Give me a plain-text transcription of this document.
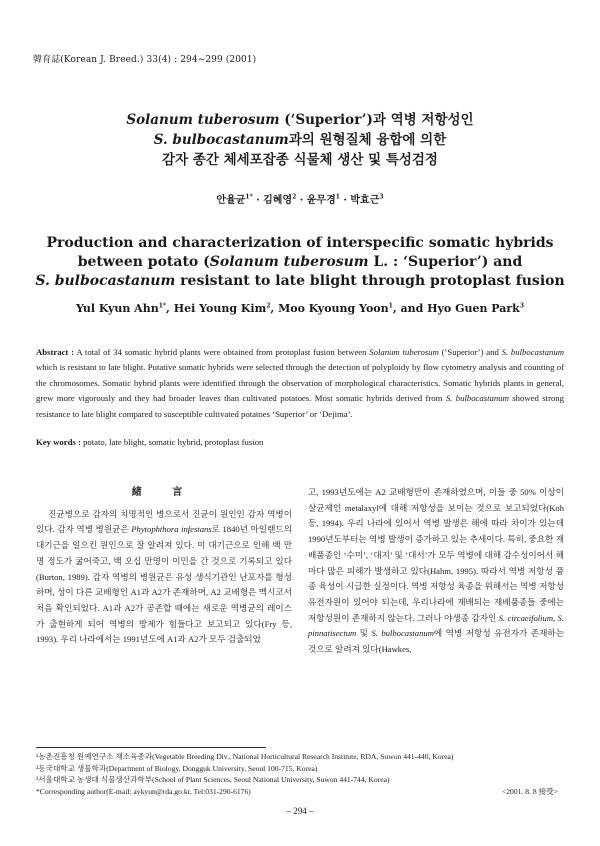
韓育誌(Korean J. Breed.) 33(4) : 294~299 (2001)
Solanum tuberosum (‘Superior’)과 역병 저항성인
S. bulbocastanum과의 원형질체 융합에 의한
감자 종간 체세포잡종 식물체 생산 및 특성검정
안율균$^{1*}$ · 김혜영$^2$ · 윤무경$^1$ · 박효근$^3$
Production and characterization of interspecific somatic hybrids
between potato (Solanum tuberosum L. : ‘Superior’) and
S. bulbocastanum resistant to late blight through protoplast fusion
Yul Kyun Ahn$^{1*}$, Hei Young Kim$^2$, Moo Kyoung Yoon$^1$, and Hyo Guen Park$^3$
Abstract : A total of 34 somatic hybrid plants were obtained from protoplast fusion between Solanum tuberosum (‘Superior’) and S. bulbocastanum which is resistant to late blight. Putative somatic hybrids were selected through the detection of polyploidy by flow cytometry analysis and counting of the chromosomes. Somatic hybrid plants were identified through the observation of morphological characteristics. Somatic hybrids plants in general, grew more vigorously and they had broader leaves than cultivated potatoes. Most somatic hybrids derived from S. bulbocastanum showed strong resistance to late blight compared to susceptible cultivated potatoes ‘Superior’ or ‘Dejima’.
Key words : potato, late blight, somatic hybrid, protoplast fusion
緒 言

진균병으로 감자의 치명적인 병으로서 진균이 원인인 감자 역병이 있다. 감자 역병 병원균은 Phytophthora infestans로 1840년 아일랜드의 대기근을 일으킨 원인으로 잘 알려져 있다. 이 대기근으로 인해 백 만명 정도가 굶어죽고, 백 오십 만명이 이민을 간 것으로 기록되고 있다(Burton, 1989). 감자 역병의 병원균은 유성 생식기관인 난포자를 형성하며, 성이 다른 교배형인 A1과 A2가 존재하며, A2 교배형은 멕시코서 처음 확인되었다. A1과 A2가 공존할 때에는 새로운 역병균의 레이스가 출현하게 되어 역병의 방제가 힘들다고 보고되고 있다(Fry 등, 1993). 우리 나라에서는 1991년도에 A1과 A2가 모두 검출되었

고, 1993년도에는 A2 교배형만이 존재하였으며, 이들 중 50% 이상이 살균제인 metalaxyl에 대해 저항성을 보이는 것으로 보고되었다(Koh 등, 1994). 우리 나라에 있어서 역병 발생은 해에 따라 차이가 있는데 1990년도부터는 역병 발생이 증가하고 있는 추세이다. 특히, 중요한 재배품종인 ‘수미’, ‘대지’ 및 ‘대서’가 모두 역병에 대해 감수성이어서 해마다 많은 피해가 발생하고 있다(Hahm, 1995). 따라서 역병 저항성 품종 육성이 시급한 실정이다. 역병 저항성 육종을 위해서는 역병 저항성 유전자원이 있어야 되는데, 우리나라에 재배되는 재배품종들 중에는 저항성원이 존재하지 않는다. 그러나 야생종 감자인 S. circaeifolium, S. pinnatisectum 및 S. bulbocastanum에 역병 저항성 유전자가 존재하는 것으로 알려져 있다(Hawkes,

¹농촌진흥청 원예연구소 채소육종과(Vegetable Breeding Div., National Horticultural Research Institute, RDA, Suwon 441-440, Korea)
²동국대학교 생물학과(Department of Biology, Dongguk University, Seoul 100-715, Korea)
³서울대학교 농생대 식물생산과학부(School of Plant Sciences, Seoul National University, Suwon 441-744, Korea)
*Corresponding author(E-mail: aykyun@rda.go.kr, Tel:031-290-6176)	<2001. 8. 8 接受>
– 294 –
